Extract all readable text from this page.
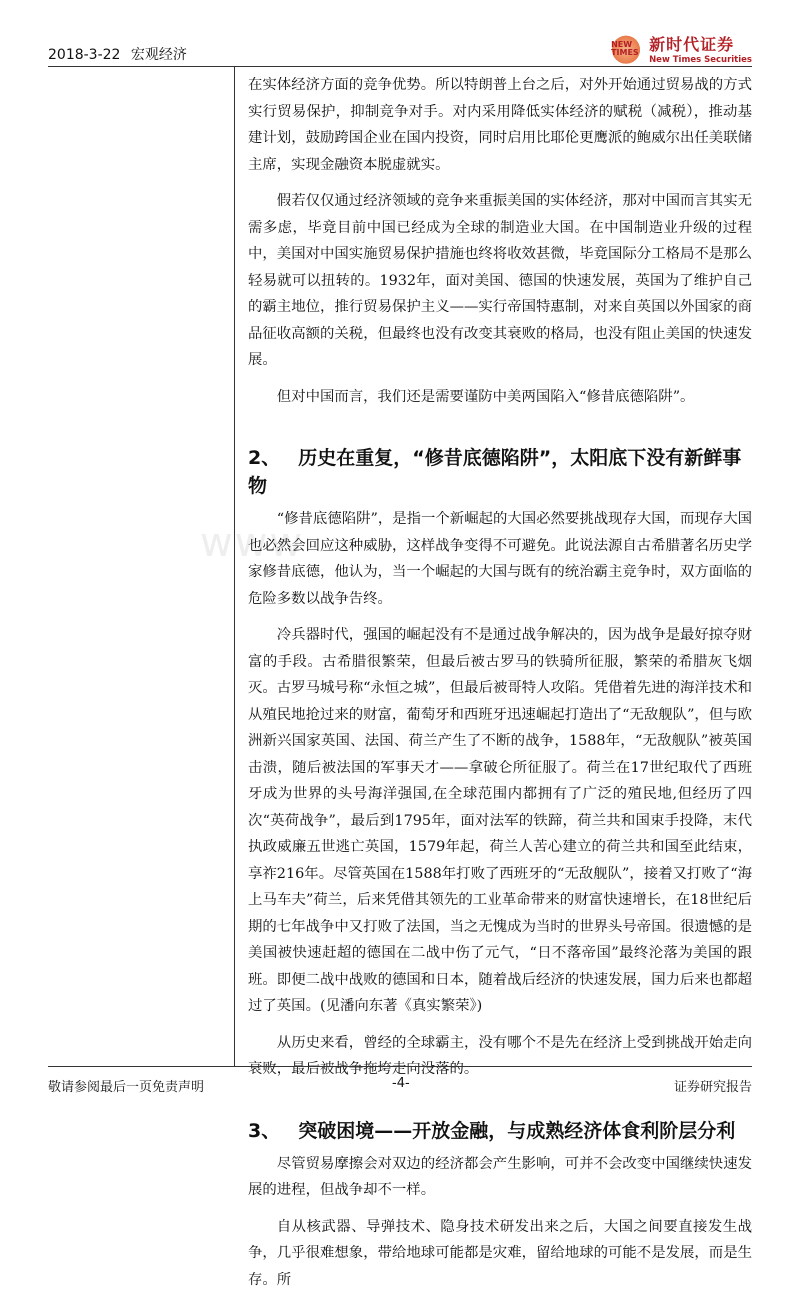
2018-3-22 宏观经济
NEW TIMES 新时代证券
New Times Securities
www

在实体经济方面的竞争优势。所以特朗普上台之后，对外开始通过贸易战的方式实行贸易保护，抑制竞争对手。对内采用降低实体经济的赋税（减税），推动基建计划，鼓励跨国企业在国内投资，同时启用比耶伦更鹰派的鲍威尔出任美联储主席，实现金融资本脱虚就实。

假若仅仅通过经济领域的竞争来重振美国的实体经济，那对中国而言其实无需多虑，毕竟目前中国已经成为全球的制造业大国。在中国制造业升级的过程中，美国对中国实施贸易保护措施也终将收效甚微，毕竟国际分工格局不是那么轻易就可以扭转的。1932年，面对美国、德国的快速发展，英国为了维护自己的霸主地位，推行贸易保护主义——实行帝国特惠制，对来自英国以外国家的商品征收高额的关税，但最终也没有改变其衰败的格局，也没有阻止美国的快速发展。

但对中国而言，我们还是需要谨防中美两国陷入“修昔底德陷阱”。

2、 历史在重复，“修昔底德陷阱”，太阳底下没有新鲜事物

“修昔底德陷阱”，是指一个新崛起的大国必然要挑战现存大国，而现存大国也必然会回应这种威胁，这样战争变得不可避免。此说法源自古希腊著名历史学家修昔底德，他认为，当一个崛起的大国与既有的统治霸主竞争时，双方面临的危险多数以战争告终。

冷兵器时代，强国的崛起没有不是通过战争解决的，因为战争是最好掠夺财富的手段。古希腊很繁荣，但最后被古罗马的铁骑所征服，繁荣的希腊灰飞烟灭。古罗马城号称“永恒之城”，但最后被哥特人攻陷。凭借着先进的海洋技术和从殖民地抢过来的财富，葡萄牙和西班牙迅速崛起打造出了“无敌舰队”，但与欧洲新兴国家英国、法国、荷兰产生了不断的战争，1588年，“无敌舰队”被英国击溃，随后被法国的军事天才——拿破仑所征服了。荷兰在17世纪取代了西班牙成为世界的头号海洋强国,在全球范围内都拥有了广泛的殖民地,但经历了四次“英荷战争”，最后到1795年，面对法军的铁蹄，荷兰共和国束手投降，末代执政威廉五世逃亡英国，1579年起，荷兰人苦心建立的荷兰共和国至此结束，享祚216年。尽管英国在1588年打败了西班牙的“无敌舰队”，接着又打败了“海上马车夫”荷兰，后来凭借其领先的工业革命带来的财富快速增长，在18世纪后期的七年战争中又打败了法国，当之无愧成为当时的世界头号帝国。很遗憾的是美国被快速赶超的德国在二战中伤了元气，“日不落帝国”最终沦落为美国的跟班。即便二战中战败的德国和日本，随着战后经济的快速发展，国力后来也都超过了英国。(见潘向东著《真实繁荣》)

从历史来看，曾经的全球霸主，没有哪个不是先在经济上受到挑战开始走向衰败，最后被战争拖垮走向没落的。

3、 突破困境——开放金融，与成熟经济体食利阶层分利

尽管贸易摩擦会对双边的经济都会产生影响，可并不会改变中国继续快速发展的进程，但战争却不一样。

自从核武器、导弹技术、隐身技术研发出来之后，大国之间要直接发生战争，几乎很难想象，带给地球可能都是灾难，留给地球的可能不是发展，而是生存。所

敬请参阅最后一页免责声明	-4-	证券研究报告
